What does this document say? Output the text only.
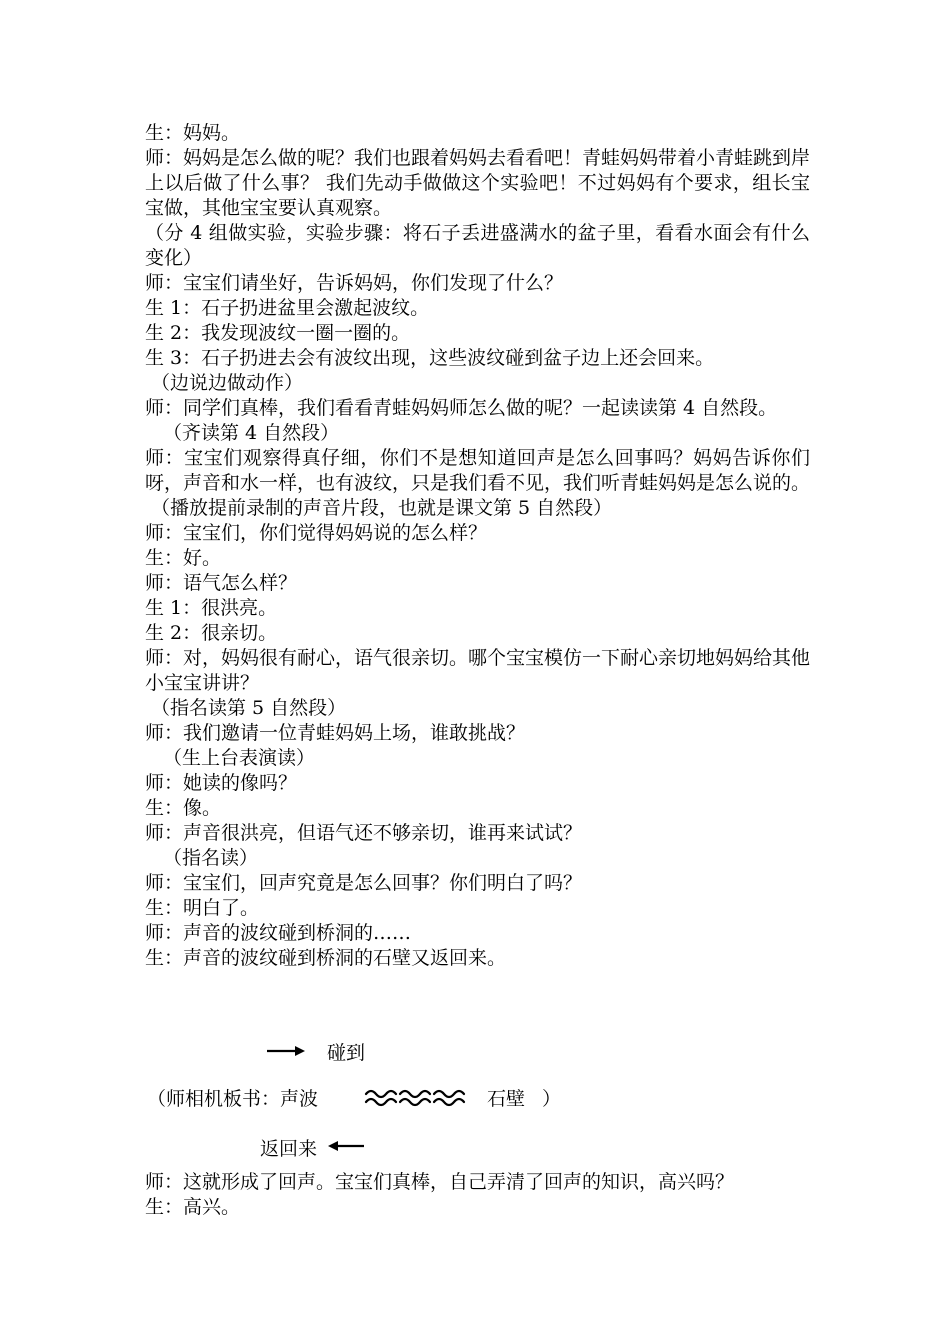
生：妈妈。

师：妈妈是怎么做的呢？我们也跟着妈妈去看看吧！青蛙妈妈带着小青蛙跳到岸上以后做了什么事？ 我们先动手做做这个实验吧！不过妈妈有个要求，组长宝宝做，其他宝宝要认真观察。

（分 4 组做实验，实验步骤：将石子丢进盛满水的盆子里，看看水面会有什么变化）

师：宝宝们请坐好，告诉妈妈，你们发现了什么？

生 1：石子扔进盆里会激起波纹。

生 2：我发现波纹一圈一圈的。

生 3：石子扔进去会有波纹出现，这些波纹碰到盆子边上还会回来。

（边说边做动作）

师：同学们真棒，我们看看青蛙妈妈师怎么做的呢？一起读读第 4 自然段。

（齐读第 4 自然段）

师：宝宝们观察得真仔细，你们不是想知道回声是怎么回事吗？妈妈告诉你们呀，声音和水一样，也有波纹，只是我们看不见，我们听青蛙妈妈是怎么说的。

（播放提前录制的声音片段，也就是课文第 5 自然段）

师：宝宝们，你们觉得妈妈说的怎么样？

生：好。

师：语气怎么样？

生 1：很洪亮。

生 2：很亲切。

师：对，妈妈很有耐心，语气很亲切。哪个宝宝模仿一下耐心亲切地妈妈给其他小宝宝讲讲？

（指名读第 5 自然段）

师：我们邀请一位青蛙妈妈上场，谁敢挑战？

（生上台表演读）

师：她读的像吗？

生：像。

师：声音很洪亮，但语气还不够亲切，谁再来试试？

（指名读）

师：宝宝们，回声究竟是怎么回事？你们明白了吗？

生：明白了。

师：声音的波纹碰到桥洞的……

生：声音的波纹碰到桥洞的石壁又返回来。

碰到
（师相机板书：声波	石壁 ）
返回来

师：这就形成了回声。宝宝们真棒，自己弄清了回声的知识，高兴吗？

生：高兴。
